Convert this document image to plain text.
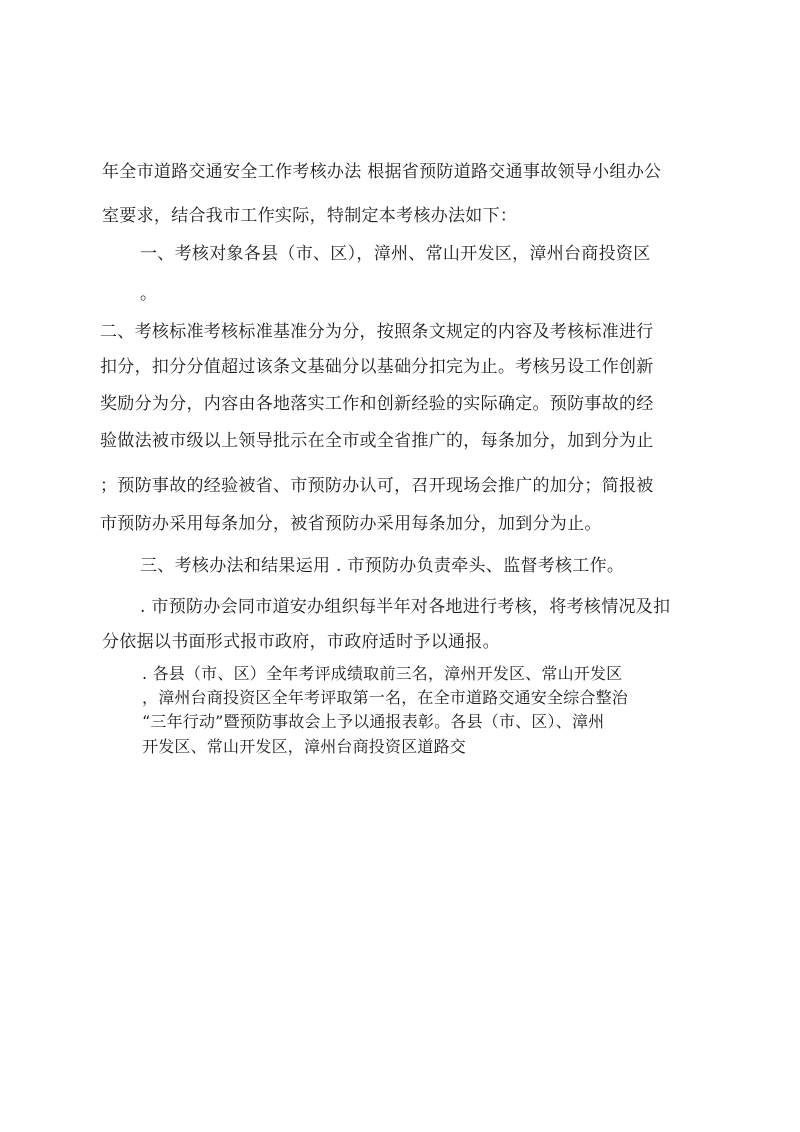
年全市道路交通安全工作考核办法 根据省预防道路交通事故领导小组办公
室要求，结合我市工作实际，特制定本考核办法如下：
一、考核对象各县（市、区），漳州、常山开发区，漳州台商投资区
。
二、考核标准考核标准基准分为分，按照条文规定的内容及考核标准进行
扣分，扣分分值超过该条文基础分以基础分扣完为止。考核另设工作创新
奖励分为分，内容由各地落实工作和创新经验的实际确定。预防事故的经
验做法被市级以上领导批示在全市或全省推广的，每条加分，加到分为止
；预防事故的经验被省、市预防办认可，召开现场会推广的加分；简报被
市预防办采用每条加分，被省预防办采用每条加分，加到分为止。
三、考核办法和结果运用 . 市预防办负责牵头、监督考核工作。
. 市预防办会同市道安办组织每半年对各地进行考核，将考核情况及扣
分依据以书面形式报市政府，市政府适时予以通报。
. 各县（市、区）全年考评成绩取前三名，漳州开发区、常山开发区
，漳州台商投资区全年考评取第一名，在全市道路交通安全综合整治
“三年行动”暨预防事故会上予以通报表彰。各县（市、区）、漳州
开发区、常山开发区，漳州台商投资区道路交
